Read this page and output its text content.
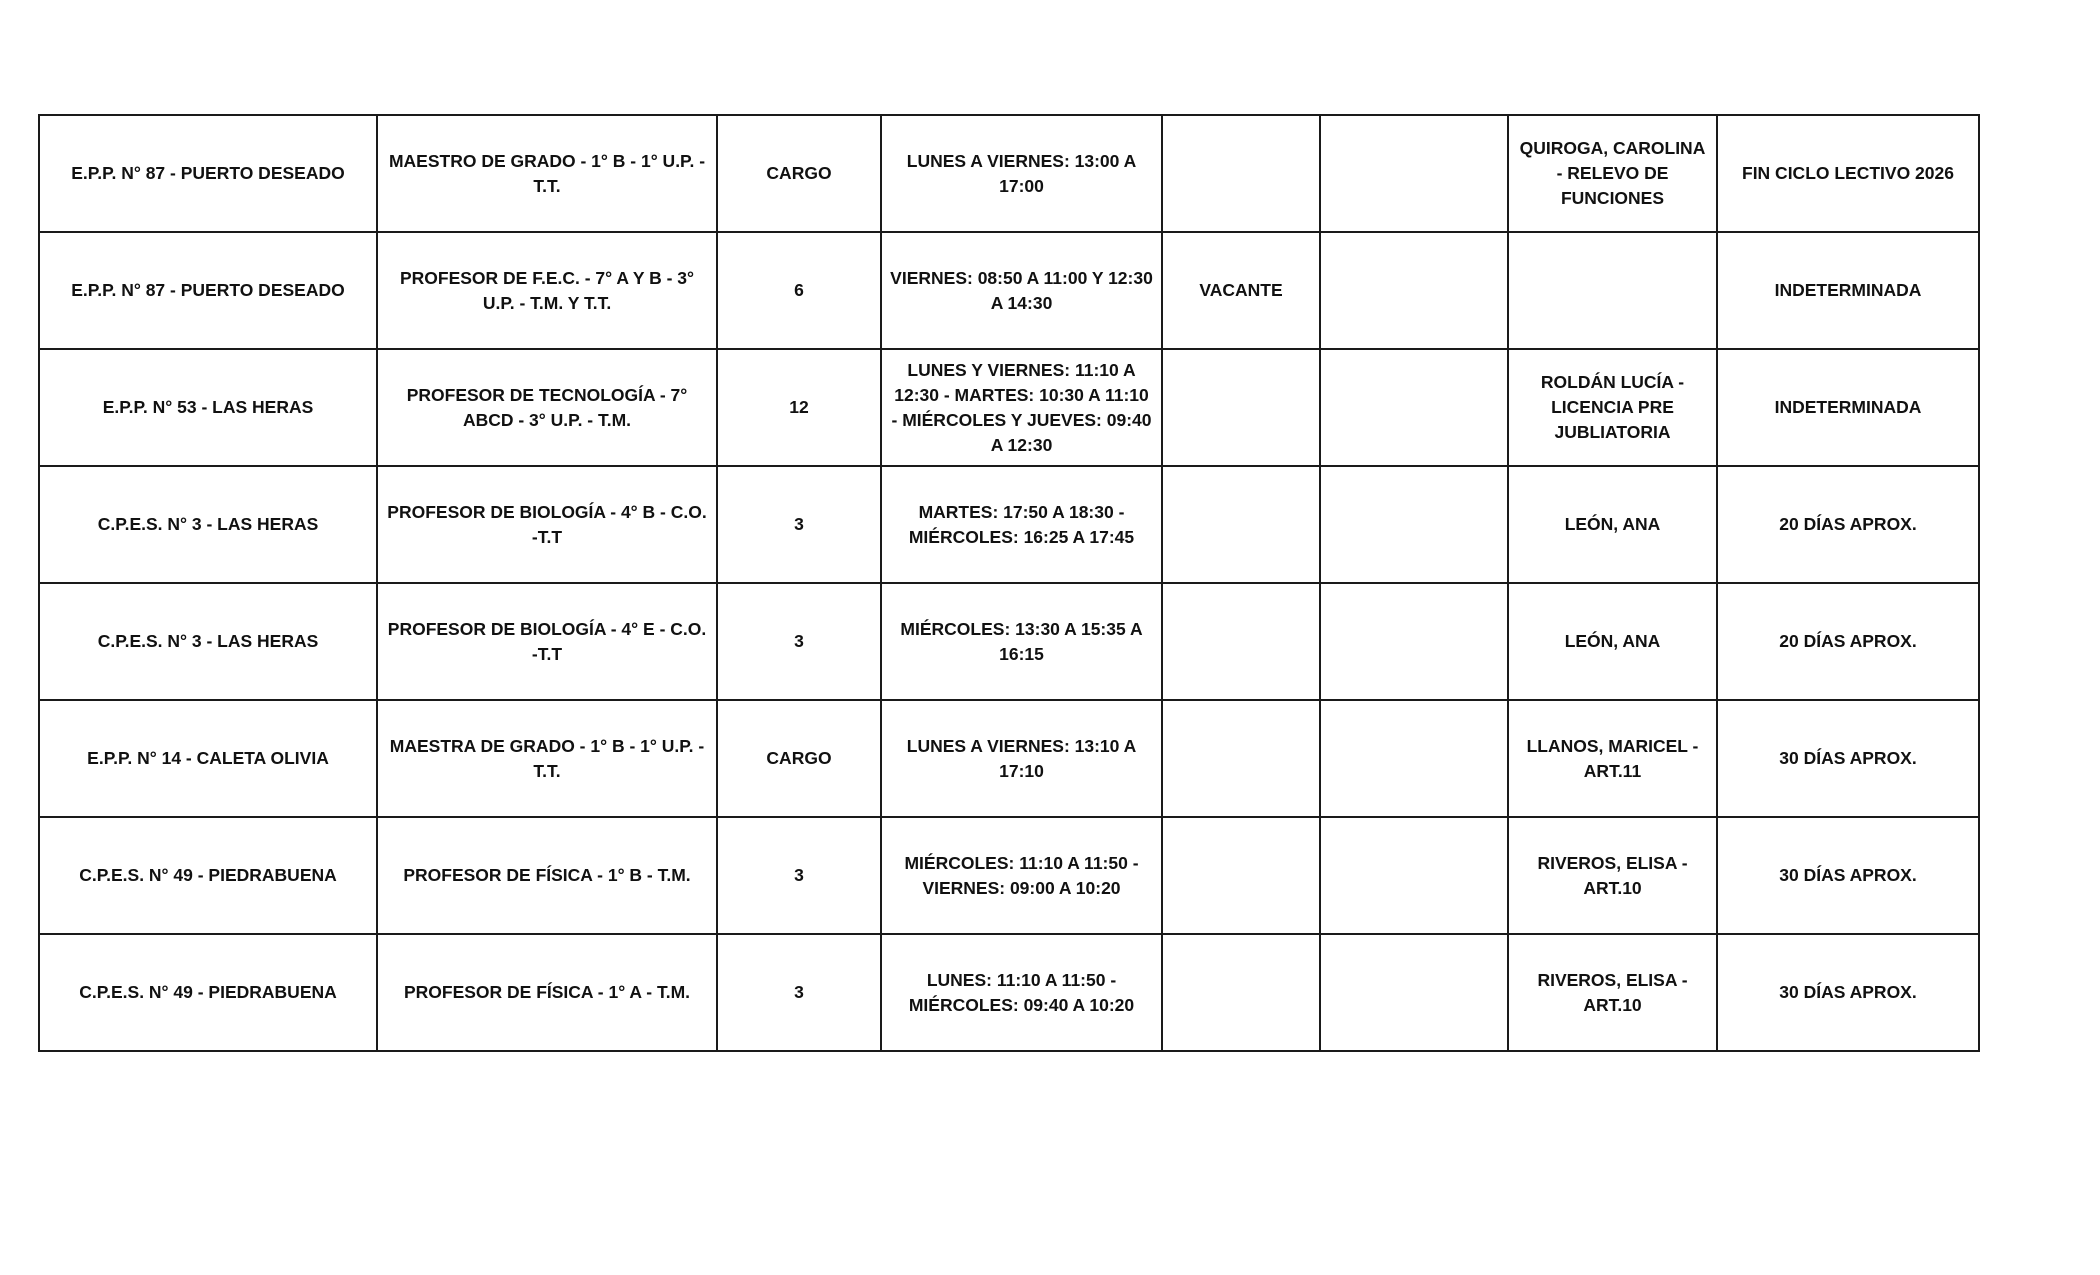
E.P.P. N° 87 - PUERTO DESEADO	MAESTRO DE GRADO - 1° B - 1° U.P. - T.T.	CARGO	LUNES A VIERNES: 13:00 A 17:00			QUIROGA, CAROLINA - RELEVO DE FUNCIONES	FIN CICLO LECTIVO 2026
E.P.P. N° 87 - PUERTO DESEADO	PROFESOR DE F.E.C. - 7° A Y B - 3° U.P. - T.M. Y T.T.	6	VIERNES: 08:50 A 11:00 Y 12:30 A 14:30	VACANTE			INDETERMINADA
E.P.P. N° 53 - LAS HERAS	PROFESOR DE TECNOLOGÍA - 7° ABCD - 3° U.P. - T.M.	12	LUNES Y VIERNES: 11:10 A 12:30 - MARTES: 10:30 A 11:10 - MIÉRCOLES Y JUEVES: 09:40 A 12:30			ROLDÁN LUCÍA - LICENCIA PRE JUBLIATORIA	INDETERMINADA
C.P.E.S. N° 3 - LAS HERAS	PROFESOR DE BIOLOGÍA - 4° B - C.O. -T.T	3	MARTES: 17:50 A 18:30 - MIÉRCOLES: 16:25 A 17:45			LEÓN, ANA	20 DÍAS APROX.
C.P.E.S. N° 3 - LAS HERAS	PROFESOR DE BIOLOGÍA - 4° E - C.O. -T.T	3	MIÉRCOLES: 13:30 A 15:35 A 16:15			LEÓN, ANA	20 DÍAS APROX.
E.P.P. N° 14 - CALETA OLIVIA	MAESTRA DE GRADO - 1° B - 1° U.P. -T.T.	CARGO	LUNES A VIERNES: 13:10 A 17:10			LLANOS, MARICEL - ART.11	30 DÍAS APROX.
C.P.E.S. N° 49 - PIEDRABUENA	PROFESOR DE FÍSICA - 1° B - T.M.	3	MIÉRCOLES: 11:10 A 11:50 - VIERNES: 09:00 A 10:20			RIVEROS, ELISA - ART.10	30 DÍAS APROX.
C.P.E.S. N° 49 - PIEDRABUENA	PROFESOR DE FÍSICA - 1° A - T.M.	3	LUNES: 11:10 A 11:50 - MIÉRCOLES: 09:40 A 10:20			RIVEROS, ELISA - ART.10	30 DÍAS APROX.
